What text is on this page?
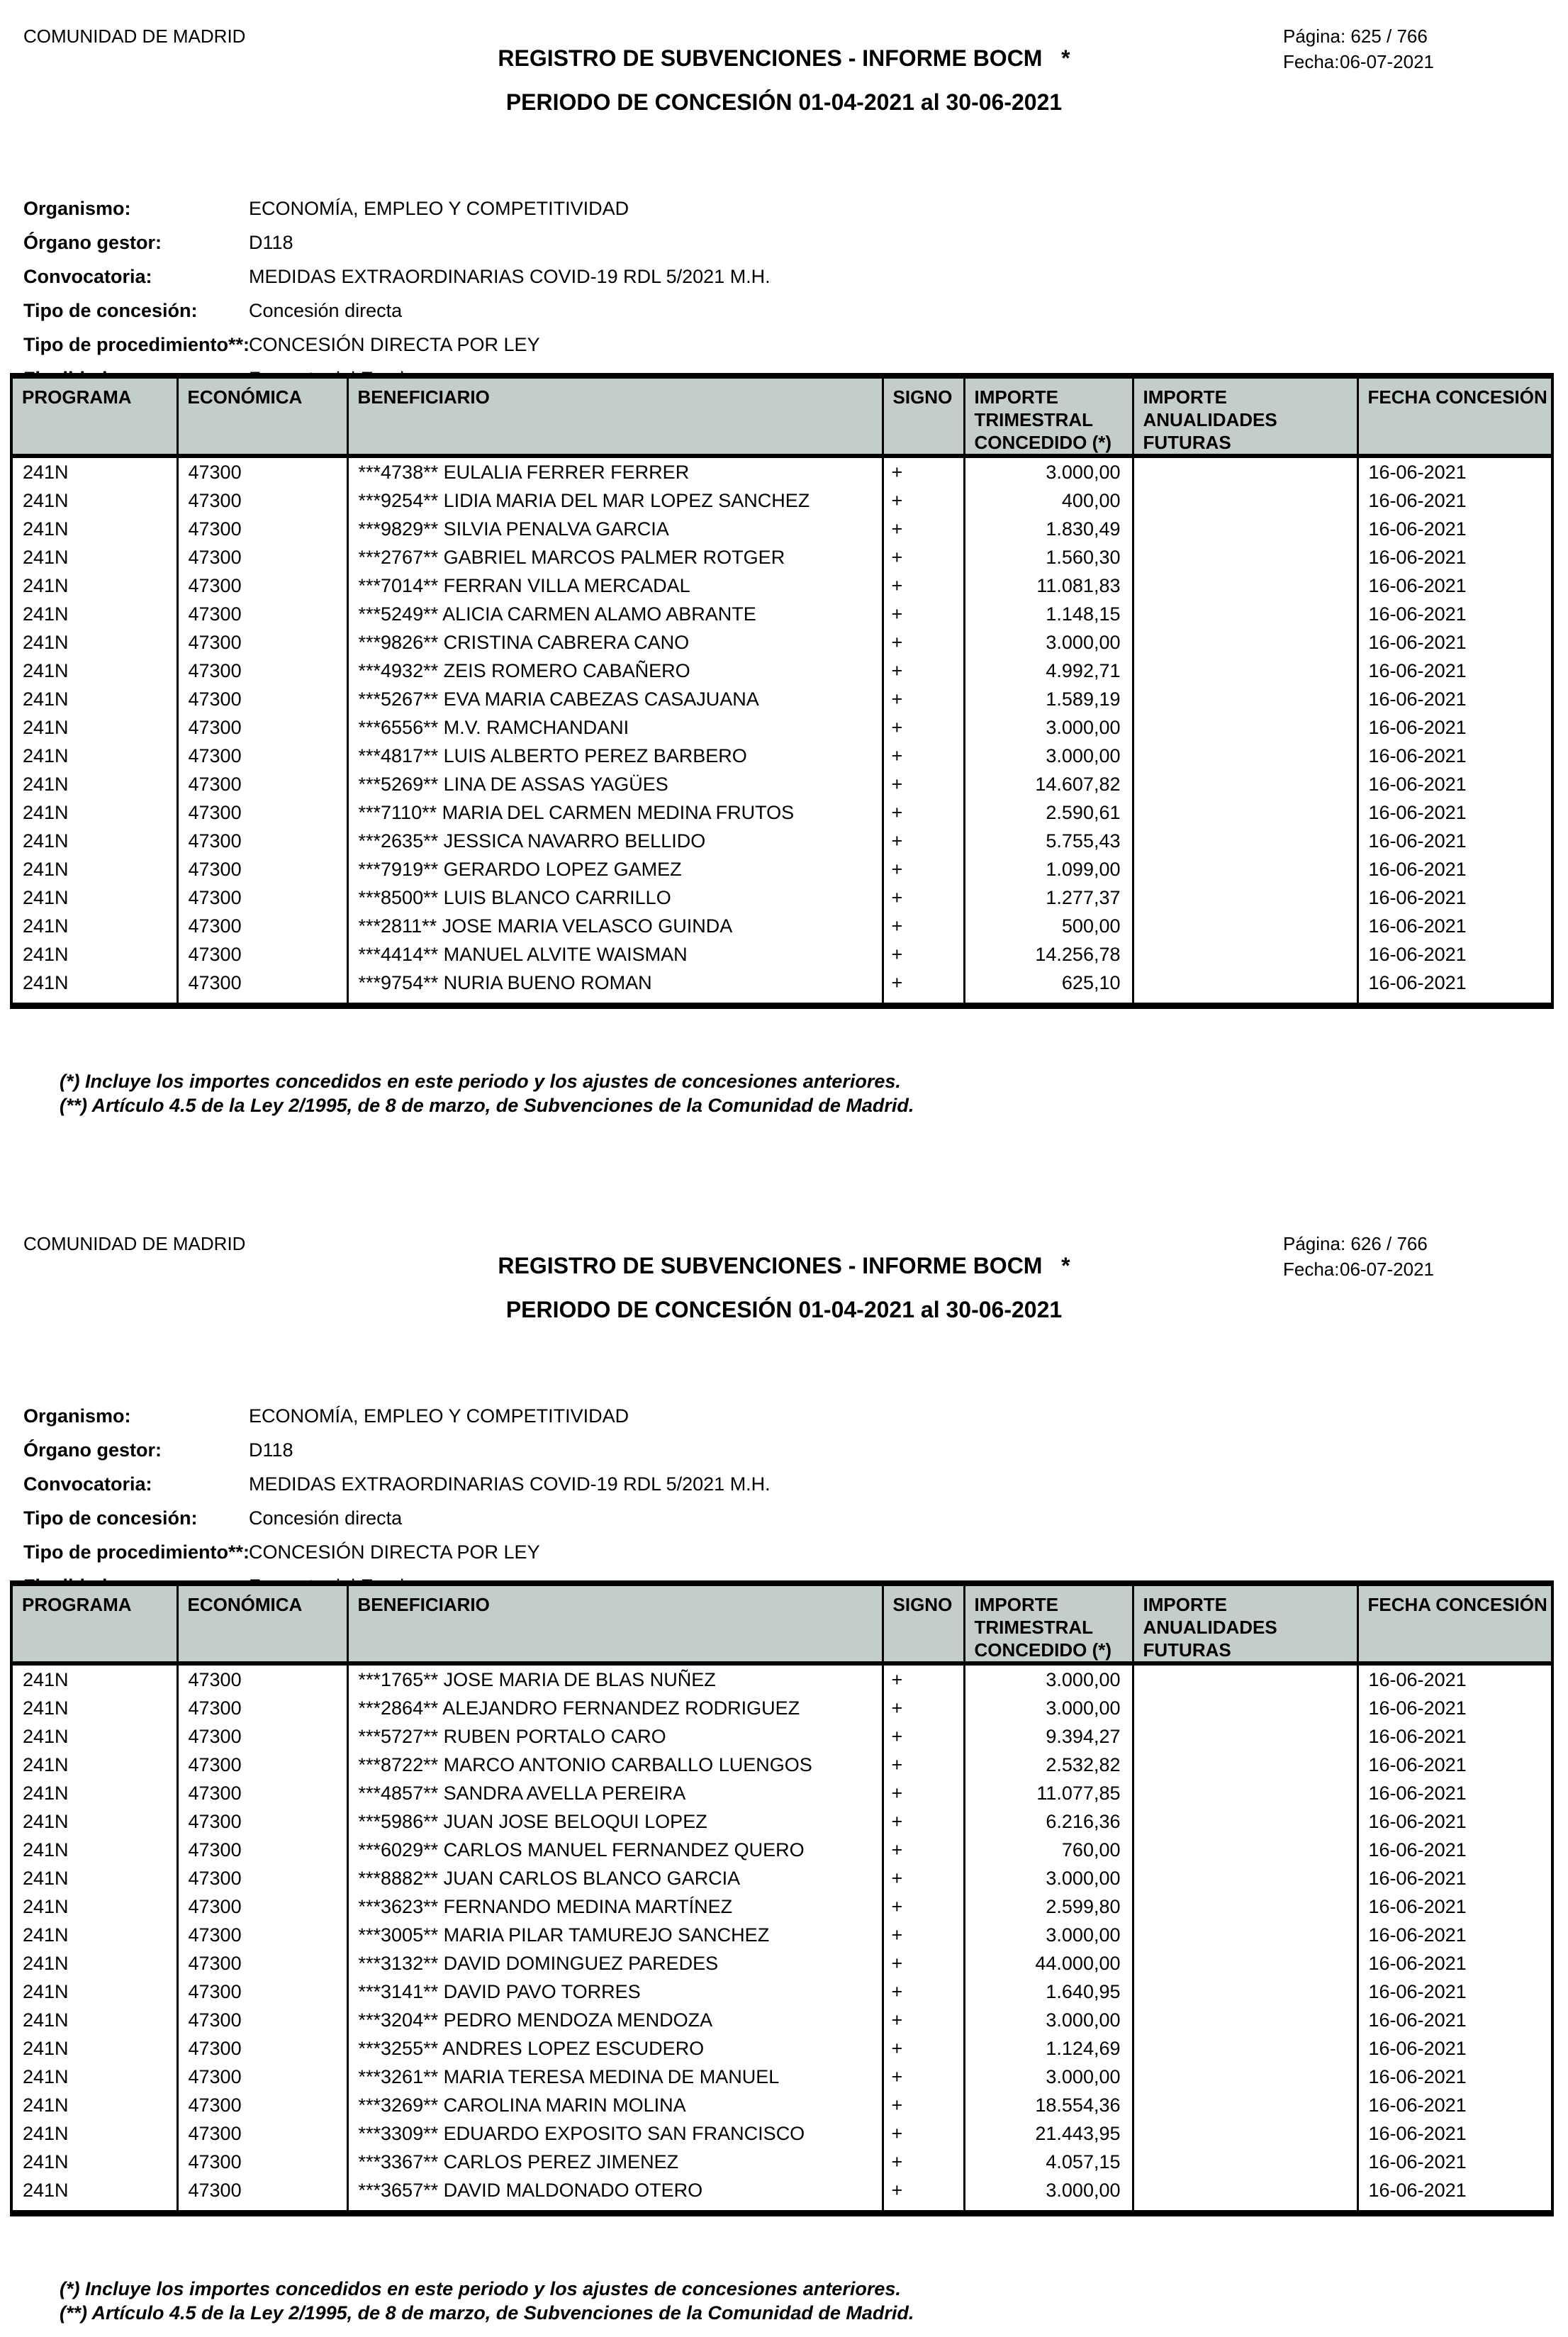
COMUNIDAD DE MADRID	Página: 625 / 766
REGISTRO DE SUBVENCIONES - INFORME BOCM   *	Fecha:06-07-2021
PERIODO DE CONCESIÓN 01-04-2021 al 30-06-2021
Organismo:	ECONOMÍA, EMPLEO Y COMPETITIVIDAD
Órgano gestor:	D118
Convocatoria:	MEDIDAS EXTRAORDINARIAS COVID-19 RDL 5/2021 M.H.
Tipo de concesión:	Concesión directa
Tipo de procedimiento**:CONCESIÓN DIRECTA POR LEY
PROGRAMA	ECONÓMICA	BENEFICIARIO	SIGNO	IMPORTE TRIMESTRAL CONCEDIDO (*)	IMPORTE ANUALIDADES FUTURAS	FECHA CONCESIÓN

241N	47300	***4738** EULALIA FERRER FERRER	+	3.000,00		16-06-2021
241N	47300	***9254** LIDIA MARIA DEL MAR LOPEZ SANCHEZ	+	400,00		16-06-2021
241N	47300	***9829** SILVIA PENALVA GARCIA	+	1.830,49		16-06-2021
241N	47300	***2767** GABRIEL MARCOS PALMER ROTGER	+	1.560,30		16-06-2021
241N	47300	***7014** FERRAN VILLA MERCADAL	+	11.081,83		16-06-2021
241N	47300	***5249** ALICIA CARMEN ALAMO ABRANTE	+	1.148,15		16-06-2021
241N	47300	***9826** CRISTINA CABRERA CANO	+	3.000,00		16-06-2021
241N	47300	***4932** ZEIS ROMERO CABAÑERO	+	4.992,71		16-06-2021
241N	47300	***5267** EVA MARIA CABEZAS CASAJUANA	+	1.589,19		16-06-2021
241N	47300	***6556** M.V. RAMCHANDANI	+	3.000,00		16-06-2021
241N	47300	***4817** LUIS ALBERTO PEREZ BARBERO	+	3.000,00		16-06-2021
241N	47300	***5269** LINA DE ASSAS YAGÜES	+	14.607,82		16-06-2021
241N	47300	***7110** MARIA DEL CARMEN MEDINA FRUTOS	+	2.590,61		16-06-2021
241N	47300	***2635** JESSICA NAVARRO BELLIDO	+	5.755,43		16-06-2021
241N	47300	***7919** GERARDO LOPEZ GAMEZ	+	1.099,00		16-06-2021
241N	47300	***8500** LUIS BLANCO CARRILLO	+	1.277,37		16-06-2021
241N	47300	***2811** JOSE MARIA VELASCO GUINDA	+	500,00		16-06-2021
241N	47300	***4414** MANUEL ALVITE WAISMAN	+	14.256,78		16-06-2021
241N	47300	***9754** NURIA BUENO ROMAN	+	625,10		16-06-2021

(*) Incluye los importes concedidos en este periodo y los ajustes de concesiones anteriores.
(**) Artículo 4.5 de la Ley 2/1995, de 8 de marzo, de Subvenciones de la Comunidad de Madrid.
COMUNIDAD DE MADRID	Página: 626 / 766
REGISTRO DE SUBVENCIONES - INFORME BOCM   *	Fecha:06-07-2021
PERIODO DE CONCESIÓN 01-04-2021 al 30-06-2021
Organismo:	ECONOMÍA, EMPLEO Y COMPETITIVIDAD
Órgano gestor:	D118
Convocatoria:	MEDIDAS EXTRAORDINARIAS COVID-19 RDL 5/2021 M.H.
Tipo de concesión:	Concesión directa
Tipo de procedimiento**:CONCESIÓN DIRECTA POR LEY
PROGRAMA	ECONÓMICA	BENEFICIARIO	SIGNO	IMPORTE TRIMESTRAL CONCEDIDO (*)	IMPORTE ANUALIDADES FUTURAS	FECHA CONCESIÓN

241N	47300	***1765** JOSE MARIA DE BLAS NUÑEZ	+	3.000,00		16-06-2021
241N	47300	***2864** ALEJANDRO FERNANDEZ RODRIGUEZ	+	3.000,00		16-06-2021
241N	47300	***5727** RUBEN PORTALO CARO	+	9.394,27		16-06-2021
241N	47300	***8722** MARCO ANTONIO CARBALLO LUENGOS	+	2.532,82		16-06-2021
241N	47300	***4857** SANDRA AVELLA PEREIRA	+	11.077,85		16-06-2021
241N	47300	***5986** JUAN JOSE BELOQUI LOPEZ	+	6.216,36		16-06-2021
241N	47300	***6029** CARLOS MANUEL FERNANDEZ QUERO	+	760,00		16-06-2021
241N	47300	***8882** JUAN CARLOS BLANCO GARCIA	+	3.000,00		16-06-2021
241N	47300	***3623** FERNANDO MEDINA MARTÍNEZ	+	2.599,80		16-06-2021
241N	47300	***3005** MARIA PILAR TAMUREJO SANCHEZ	+	3.000,00		16-06-2021
241N	47300	***3132** DAVID DOMINGUEZ PAREDES	+	44.000,00		16-06-2021
241N	47300	***3141** DAVID PAVO TORRES	+	1.640,95		16-06-2021
241N	47300	***3204** PEDRO MENDOZA MENDOZA	+	3.000,00		16-06-2021
241N	47300	***3255** ANDRES LOPEZ ESCUDERO	+	1.124,69		16-06-2021
241N	47300	***3261** MARIA TERESA MEDINA DE MANUEL	+	3.000,00		16-06-2021
241N	47300	***3269** CAROLINA MARIN MOLINA	+	18.554,36		16-06-2021
241N	47300	***3309** EDUARDO EXPOSITO SAN FRANCISCO	+	21.443,95		16-06-2021
241N	47300	***3367** CARLOS PEREZ JIMENEZ	+	4.057,15		16-06-2021
241N	47300	***3657** DAVID MALDONADO OTERO	+	3.000,00		16-06-2021

(*) Incluye los importes concedidos en este periodo y los ajustes de concesiones anteriores.
(**) Artículo 4.5 de la Ley 2/1995, de 8 de marzo, de Subvenciones de la Comunidad de Madrid.
